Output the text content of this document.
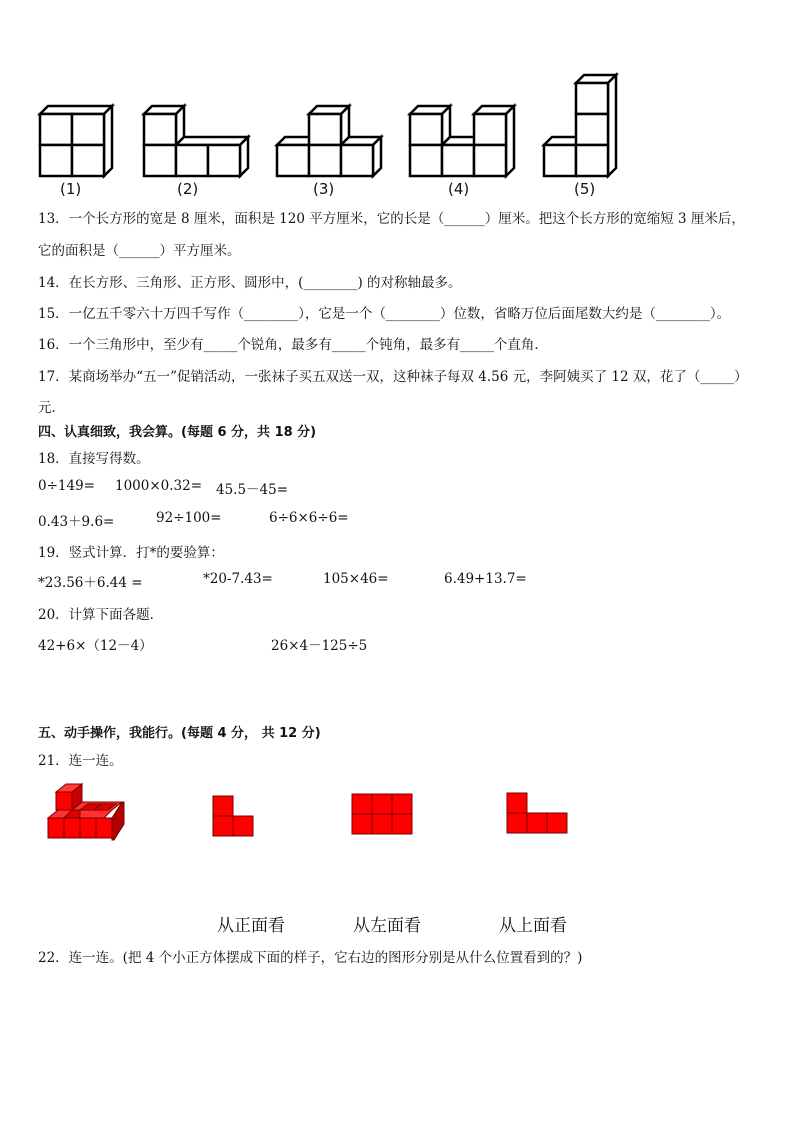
(1)	(2)	(3)	(4)	(5)
13．一个长方形的宽是 8 厘米，面积是 120 平方厘米，它的长是（______）厘米。把这个长方形的宽缩短 3 厘米后，
它的面积是（______）平方厘米。
14．在长方形、三角形、正方形、圆形中，(________) 的对称轴最多。
15．一亿五千零六十万四千写作（________），它是一个（________）位数，省略万位后面尾数大约是（________）。
16．一个三角形中，至少有_____个锐角，最多有_____个钝角，最多有_____个直角．
17．某商场举办“五一”促销活动，一张袜子买五双送一双，这种袜子每双 4.56 元，李阿姨买了 12 双，花了（_____）
元．
四、认真细致，我会算。(每题 6 分，共 18 分)
18．直接写得数。
0÷149= 1000×0.32= 45.5－45=
0.43＋9.6=	92÷100=	6÷6×6÷6=
19．竖式计算．打*的要验算：
*23.56＋6.44 =	*20-7.43=	105×46=	6.49+13.7=
20．计算下面各题．
42+6×（12－4）	26×4－125÷5
五、动手操作，我能行。(每题 4 分， 共 12 分)
21．连一连。
从正面看	从左面看	从上面看
22．连一连。(把 4 个小正方体摆成下面的样子，它右边的图形分别是从什么位置看到的？)
